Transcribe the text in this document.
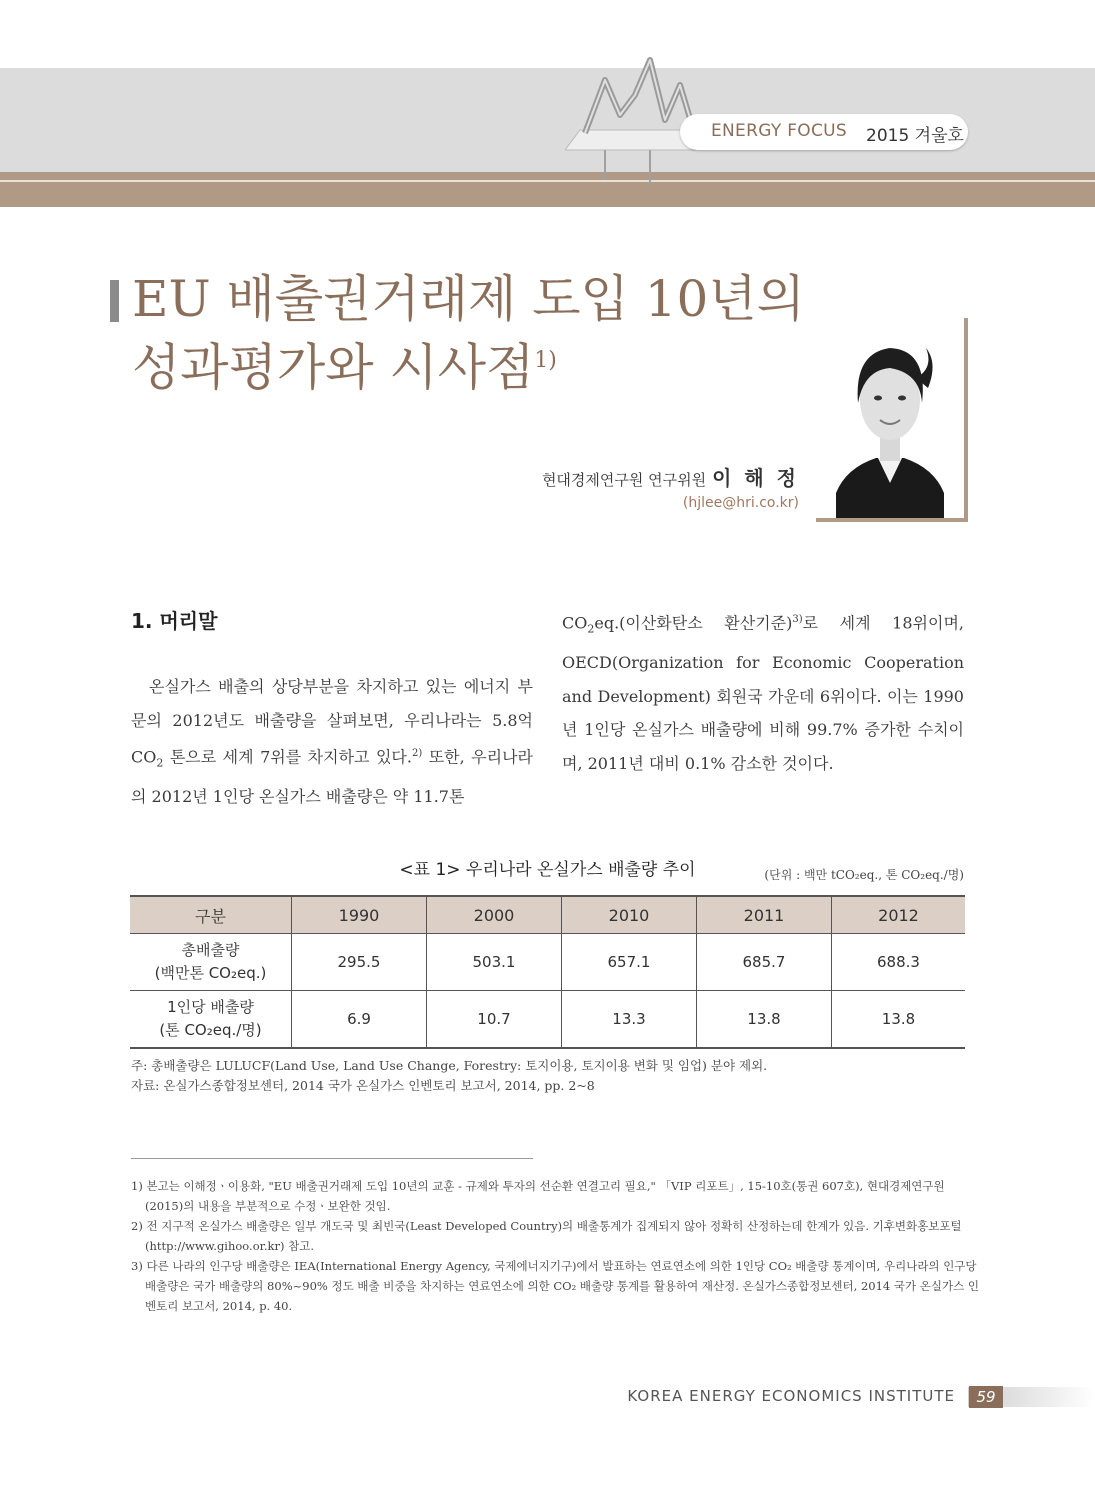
ENERGY FOCUS 2015 겨울호
EU 배출권거래제 도입 10년의
성과평가와 시사점$^{1)}$
현대경제연구원 연구위원 이 해 정
(hjlee@hri.co.kr)
1. 머리말

온실가스 배출의 상당부분을 차지하고 있는 에너지 부문의 2012년도 배출량을 살펴보면, 우리나라는 5.8억 $CO_2$ 톤으로 세계 7위를 차지하고 있다.$^{2)}$ 또한, 우리나라의 2012년 1인당 온실가스 배출량은 약 11.7톤

$CO_2eq$.(이산화탄소 환산기준)$^{3)}$로 세계 18위이며, OECD(Organization for Economic Cooperation and Development) 회원국 가운데 6위이다. 이는 1990년 1인당 온실가스 배출량에 비해 99.7% 증가한 수치이며, 2011년 대비 0.1% 감소한 것이다.

<표 1> 우리나라 온실가스 배출량 추이	(단위 : 백만 tCO₂eq., 톤 CO₂eq./명)
구분	1990	2000	2010	2011	2012
총배출량
(백만톤 CO₂eq.)	295.5	503.1	657.1	685.7	688.3
1인당 배출량
(톤 CO₂eq./명)	6.9	10.7	13.3	13.8	13.8
주: 총배출량은 LULUCF(Land Use, Land Use Change, Forestry: 토지이용, 토지이용 변화 및 임업) 분야 제외.
자료: 온실가스종합정보센터, 2014 국가 온실가스 인벤토리 보고서, 2014, pp. 2~8

1) 본고는 이해정ㆍ이용화, "EU 배출권거래제 도입 10년의 교훈 - 규제와 투자의 선순환 연결고리 필요," 「VIP 리포트」, 15-10호(통권 607호), 현대경제연구원(2015)의 내용을 부분적으로 수정ㆍ보완한 것임.

2) 전 지구적 온실가스 배출량은 일부 개도국 및 최빈국(Least Developed Country)의 배출통계가 집계되지 않아 정확히 산정하는데 한계가 있음. 기후변화홍보포털(http://www.gihoo.or.kr) 참고.

3) 다른 나라의 인구당 배출량은 IEA(International Energy Agency, 국제에너지기구)에서 발표하는 연료연소에 의한 1인당 CO₂ 배출량 통계이며, 우리나라의 인구당 배출량은 국가 배출량의 80%~90% 정도 배출 비중을 차지하는 연료연소에 의한 CO₂ 배출량 통계를 활용하여 재산정. 온실가스종합정보센터, 2014 국가 온실가스 인벤토리 보고서, 2014, p. 40.

KOREA ENERGY ECONOMICS INSTITUTE	59
